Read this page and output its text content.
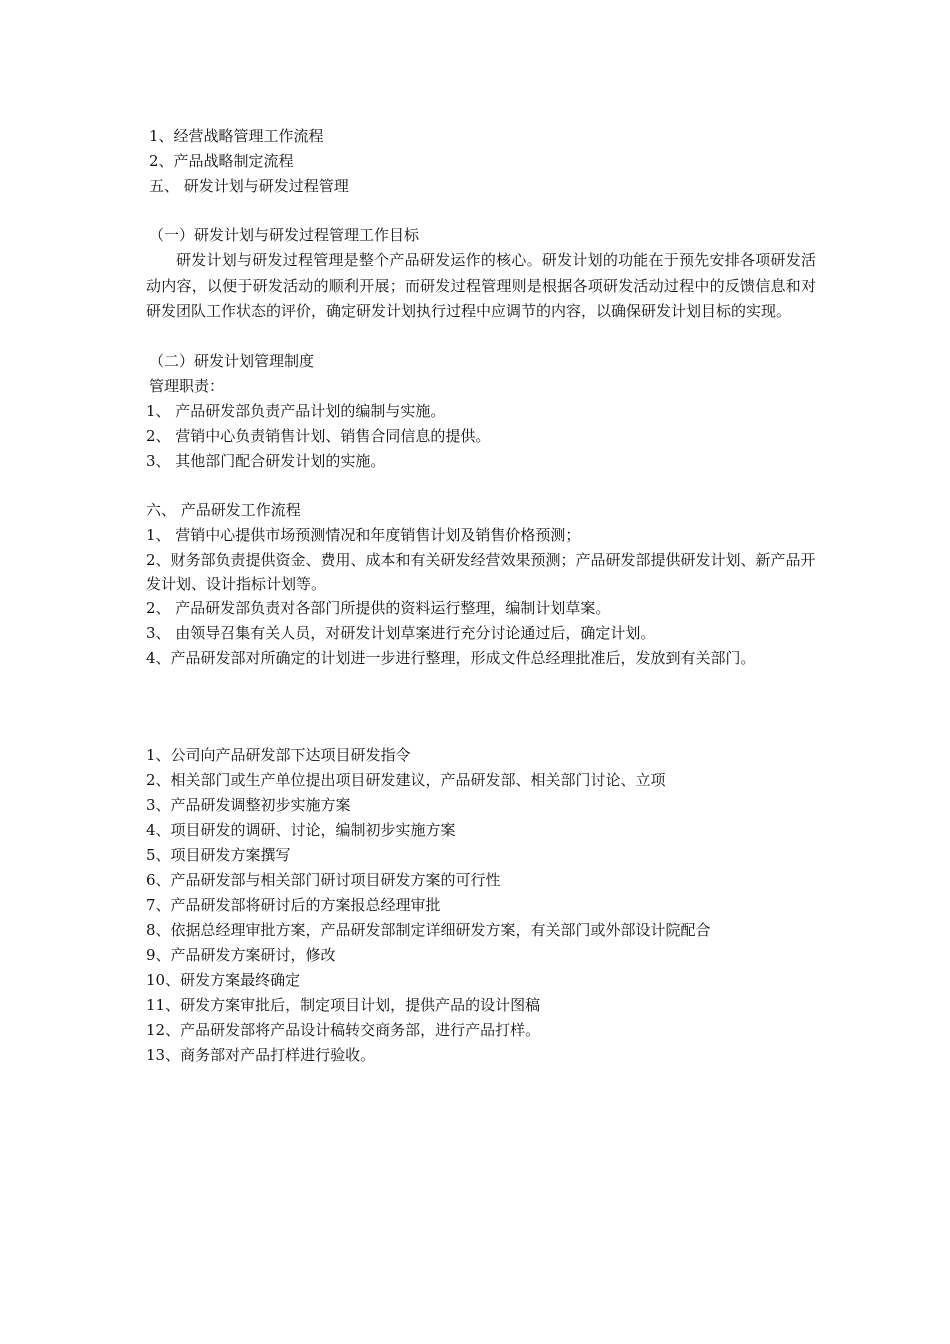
1、经营战略管理工作流程
2、产品战略制定流程
五、 研发计划与研发过程管理
（一）研发计划与研发过程管理工作目标
研发计划与研发过程管理是整个产品研发运作的核心。研发计划的功能在于预先安排各项研发活动内容，以便于研发活动的顺利开展；而研发过程管理则是根据各项研发活动过程中的反馈信息和对研发团队工作状态的评价，确定研发计划执行过程中应调节的内容，以确保研发计划目标的实现。
（二）研发计划管理制度
管理职责：
1、 产品研发部负责产品计划的编制与实施。
2、 营销中心负责销售计划、销售合同信息的提供。
3、 其他部门配合研发计划的实施。
六、 产品研发工作流程
1、 营销中心提供市场预测情况和年度销售计划及销售价格预测；
2、财务部负责提供资金、费用、成本和有关研发经营效果预测；产品研发部提供研发计划、新产品开发计划、设计指标计划等。
2、 产品研发部负责对各部门所提供的资料运行整理，编制计划草案。
3、 由领导召集有关人员，对研发计划草案进行充分讨论通过后，确定计划。
4、产品研发部对所确定的计划进一步进行整理，形成文件总经理批准后，发放到有关部门。
1、公司向产品研发部下达项目研发指令
2、相关部门或生产单位提出项目研发建议，产品研发部、相关部门讨论、立项
3、产品研发调整初步实施方案
4、项目研发的调研、讨论，编制初步实施方案
5、项目研发方案撰写
6、产品研发部与相关部门研讨项目研发方案的可行性
7、产品研发部将研讨后的方案报总经理审批
8、依据总经理审批方案，产品研发部制定详细研发方案，有关部门或外部设计院配合
9、产品研发方案研讨，修改
10、研发方案最终确定
11、研发方案审批后，制定项目计划，提供产品的设计图稿
12、产品研发部将产品设计稿转交商务部，进行产品打样。
13、商务部对产品打样进行验收。
